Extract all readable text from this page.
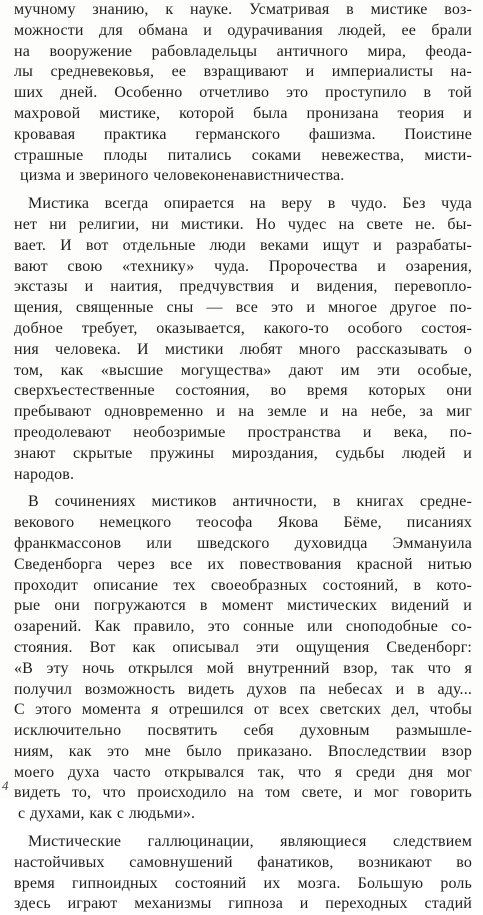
мучному знанию, к науке. Усматривая в мистике воз-
можности для обмана и одурачивания людей, ее брали
на вооружение рабовладельцы античного мира, феода-
лы средневековья, ее взращивают и империалисты на-
ших дней. Особенно отчетливо это проступило в той
махровой мистике, которой была пронизана теория и
кровавая практика германского фашизма. Поистине
страшные плоды питались соками невежества, мисти-
цизма и звериного человеконенавистничества.

Мистика всегда опирается на веру в чудо. Без чуда
нет ни религии, ни мистики. Но чудес на свете не. бы-
вает. И вот отдельные люди веками ищут и разрабаты-
вают свою «технику» чуда. Пророчества и озарения,
экстазы и наития, предчувствия и видения, перевопло-
щения, священные сны — все это и многое другое по-
добное требует, оказывается, какого-то особого состоя-
ния человека. И мистики любят много рассказывать о
том, как «высшие могущества» дают им эти особые,
сверхъестественные состояния, во время которых они
пребывают одновременно и на земле и на небе, за миг
преодолевают необозримые пространства и века, по-
знают скрытые пружины мироздания, судьбы людей и
народов.

В сочинениях мистиков античности, в книгах средне-
векового немецкого теософа Якова Бёме, писаниях
франкмассонов или шведского духовидца Эммануила
Сведенборга через все их повествования красной нитью
проходит описание тех своеобразных состояний, в кото-
рые они погружаются в момент мистических видений и
озарений. Как правило, это сонные или сноподобные со-
стояния. Вот как описывал эти ощущения Сведенборг:
«В эту ночь открылся мой внутренний взор, так что я
получил возможность видеть духов па небесах и в аду...
С этого момента я отрешился от всех светских дел, чтобы
исключительно посвятить себя духовным размышле-
ниям, как это мне было приказано. Впоследствии взор
моего духа часто открывался так, что я среди дня мог
видеть то, что происходило на том свете, и мог говорить
с духами, как с людьми».

Мистические галлюцинации, являющиеся следствием
настойчивых самовнушений фанатиков, возникают во
время гипноидных состояний их мозга. Большую роль
здесь играют механизмы гипноза и переходных стадий

4
